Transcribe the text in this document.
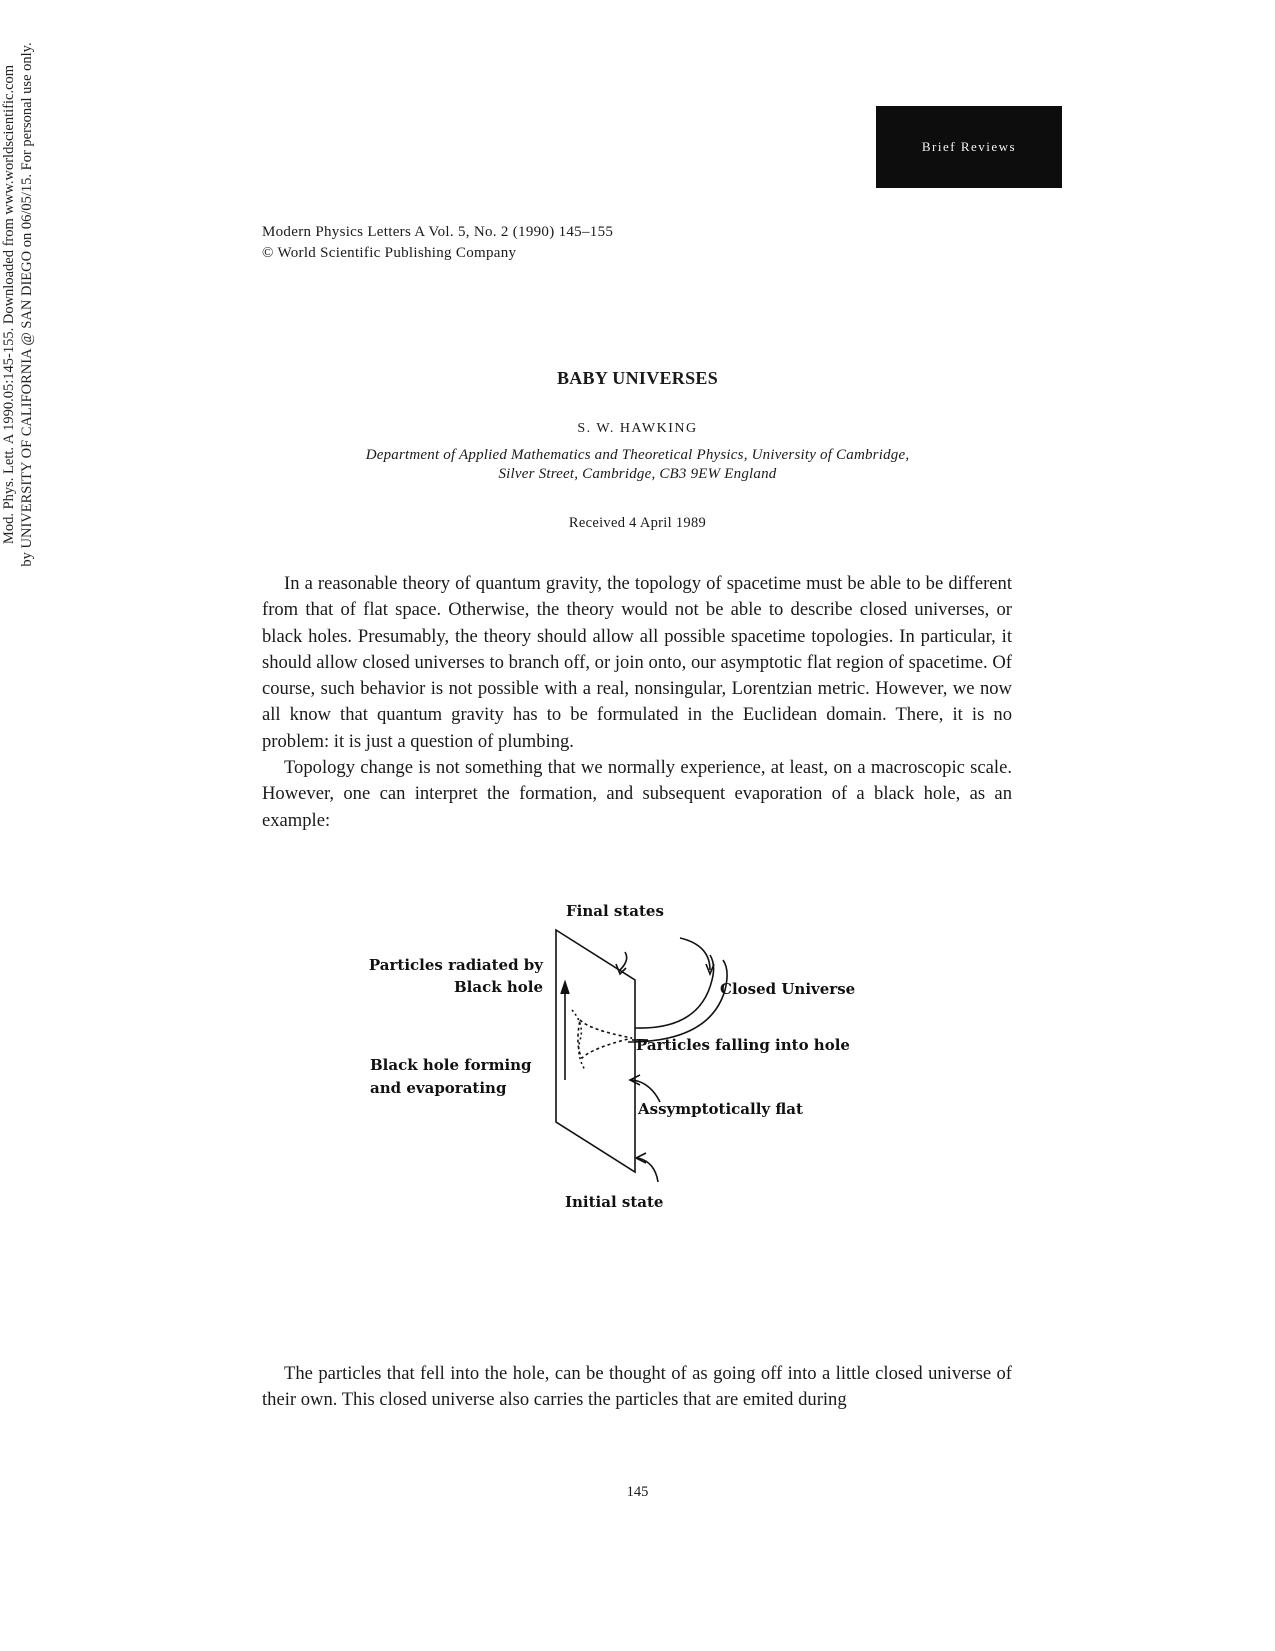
Brief Reviews
Modern Physics Letters A Vol. 5, No. 2 (1990) 145–155
© World Scientific Publishing Company
Mod. Phys. Lett. A 1990.05:145-155. Downloaded from www.worldscientific.com by UNIVERSITY OF CALIFORNIA @ SAN DIEGO on 06/05/15. For personal use only.	BABY UNIVERSES
S. W. HAWKING
Department of Applied Mathematics and Theoretical Physics, University of Cambridge,
Silver Street, Cambridge, CB3 9EW England
Received 4 April 1989

In a reasonable theory of quantum gravity, the topology of spacetime must be able to be different from that of flat space. Otherwise, the theory would not be able to describe closed universes, or black holes. Presumably, the theory should allow all possible spacetime topologies. In particular, it should allow closed universes to branch off, or join onto, our asymptotic flat region of spacetime. Of course, such behavior is not possible with a real, nonsingular, Lorentzian metric. However, we now all know that quantum gravity has to be formulated in the Euclidean domain. There, it is no problem: it is just a question of plumbing.

Topology change is not something that we normally experience, at least, on a macroscopic scale. However, one can interpret the formation, and subsequent evaporation of a black hole, as an example:

Final states
Particles radiated by
Black hole	Closed Universe
Particles falling into hole
Black hole forming
and evaporating
Assymptotically flat
Initial state

The particles that fell into the hole, can be thought of as going off into a little closed universe of their own. This closed universe also carries the particles that are emited during

145
